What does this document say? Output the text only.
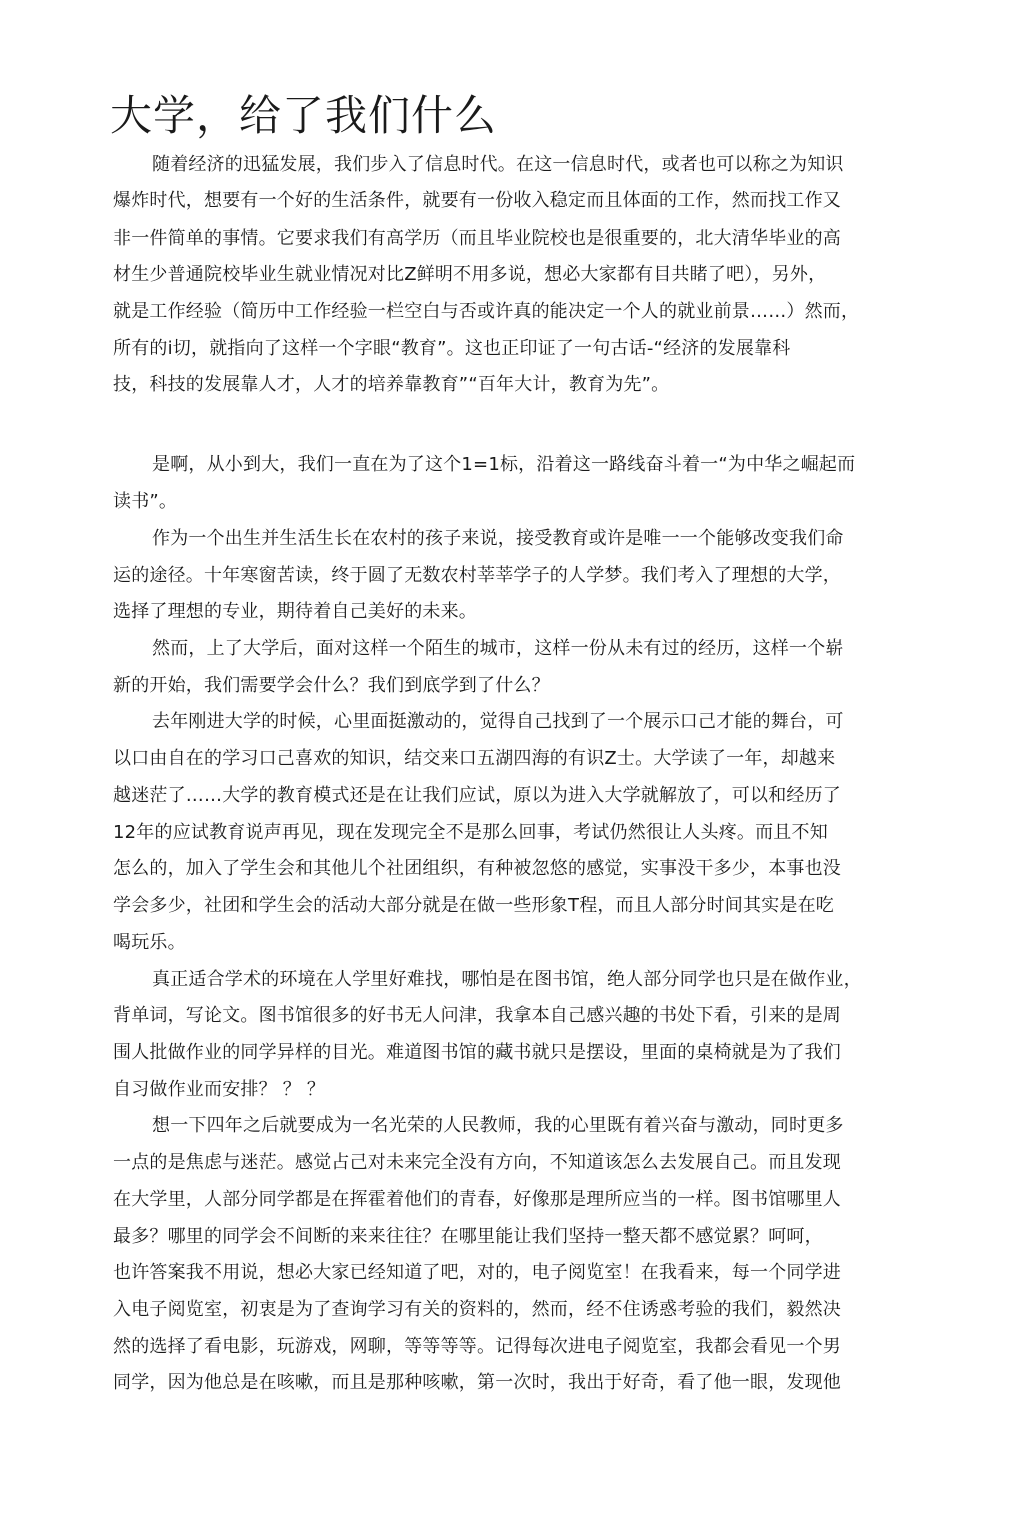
大学，给了我们什么

随着经济的迅猛发展，我们步入了信息时代。在这一信息时代，或者也可以称之为知识

爆炸时代，想要有一个好的生活条件，就要有一份收入稳定而且体面的工作，然而找工作又

非一件简单的事情。它要求我们有高学历（而且毕业院校也是很重要的，北大清华毕业的高

材生少普通院校毕业生就业情况对比Z鲜明不用多说，想必大家都有目共睹了吧），另外，

就是工作经验（简历中工作经验一栏空白与否或许真的能决定一个人的就业前景……）然而，

所有的i切，就指向了这样一个字眼“教育”。这也正印证了一句古话-“经济的发展靠科

技，科技的发展靠人才，人才的培养靠教育”“百年大计，教育为先”。

是啊，从小到大，我们一直在为了这个1=1标，沿着这一路线奋斗着一“为中华之崛起而

读书”。

作为一个出生并生活生长在农村的孩子来说，接受教育或许是唯一一个能够改变我们命

运的途径。十年寒窗苦读，终于圆了无数农村莘莘学子的人学梦。我们考入了理想的大学，

选择了理想的专业，期待着自己美好的未来。

然而，上了大学后，面对这样一个陌生的城市，这样一份从未有过的经历，这样一个崭

新的开始，我们需要学会什么？我们到底学到了什么？

去年刚进大学的时候，心里面挺激动的，觉得自己找到了一个展示口己才能的舞台，可

以口由自在的学习口己喜欢的知识，结交来口五湖四海的有识Z士。大学读了一年，却越来

越迷茫了……大学的教育模式还是在让我们应试，原以为进入大学就解放了，可以和经历了

12年的应试教育说声再见，现在发现完全不是那么回事，考试仍然很让人头疼。而且不知

怎么的，加入了学生会和其他儿个社团组织，有种被忽悠的感觉，实事没干多少，本事也没

学会多少，社团和学生会的活动大部分就是在做一些形象T程，而且人部分时间其实是在吃

喝玩乐。

真正适合学术的环境在人学里好难找，哪怕是在图书馆，绝人部分同学也只是在做作业，

背单词，写论文。图书馆很多的好书无人问津，我拿本自己感兴趣的书处下看，引来的是周

围人批做作业的同学异样的目光。难道图书馆的藏书就只是摆设，里面的桌椅就是为了我们

自习做作业而安排？ ？ ？

想一下四年之后就要成为一名光荣的人民教师，我的心里既有着兴奋与激动，同时更多

一点的是焦虑与迷茫。感觉占己对未来完全没有方向，不知道该怎么去发展自己。而且发现

在大学里，人部分同学都是在挥霍着他们的青春，好像那是理所应当的一样。图书馆哪里人

最多？哪里的同学会不间断的来来往往？在哪里能让我们坚持一整天都不感觉累？呵呵，

也许答案我不用说，想必大家已经知道了吧，对的，电子阅览室！在我看来，每一个同学进

入电子阅览室，初衷是为了查询学习有关的资料的，然而，经不住诱惑考验的我们，毅然决

然的选择了看电影，玩游戏，网聊，等等等等。记得每次进电子阅览室，我都会看见一个男

同学，因为他总是在咳嗽，而且是那种咳嗽，第一次时，我出于好奇，看了他一眼，发现他
